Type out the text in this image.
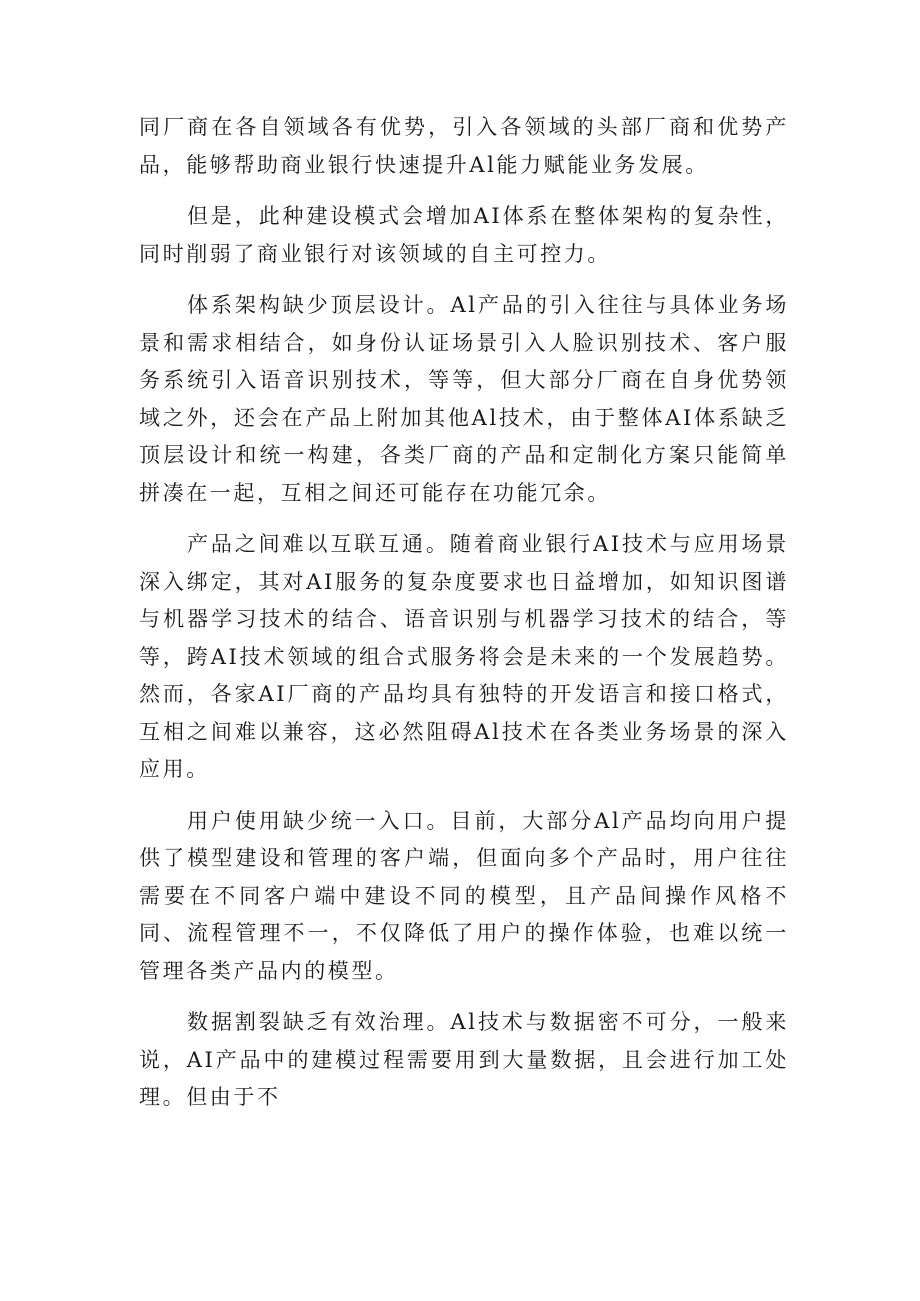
同厂商在各自领域各有优势，引入各领域的头部厂商和优势产品，能够帮助商业银行快速提升Al能力赋能业务发展。

但是，此种建设模式会增加AI体系在整体架构的复杂性，同时削弱了商业银行对该领域的自主可控力。

体系架构缺少顶层设计。Al产品的引入往往与具体业务场景和需求相结合，如身份认证场景引入人脸识别技术、客户服务系统引入语音识别技术，等等，但大部分厂商在自身优势领域之外，还会在产品上附加其他Al技术，由于整体AI体系缺乏顶层设计和统一构建，各类厂商的产品和定制化方案只能简单拼凑在一起，互相之间还可能存在功能冗余。

产品之间难以互联互通。随着商业银行AI技术与应用场景深入绑定，其对AI服务的复杂度要求也日益增加，如知识图谱与机器学习技术的结合、语音识别与机器学习技术的结合，等等，跨AI技术领域的组合式服务将会是未来的一个发展趋势。然而，各家AI厂商的产品均具有独特的开发语言和接口格式，互相之间难以兼容，这必然阻碍Al技术在各类业务场景的深入应用。

用户使用缺少统一入口。目前，大部分Al产品均向用户提供了模型建设和管理的客户端，但面向多个产品时，用户往往需要在不同客户端中建设不同的模型，且产品间操作风格不同、流程管理不一，不仅降低了用户的操作体验，也难以统一管理各类产品内的模型。

数据割裂缺乏有效治理。Al技术与数据密不可分，一般来说，AI产品中的建模过程需要用到大量数据，且会进行加工处理。但由于不
